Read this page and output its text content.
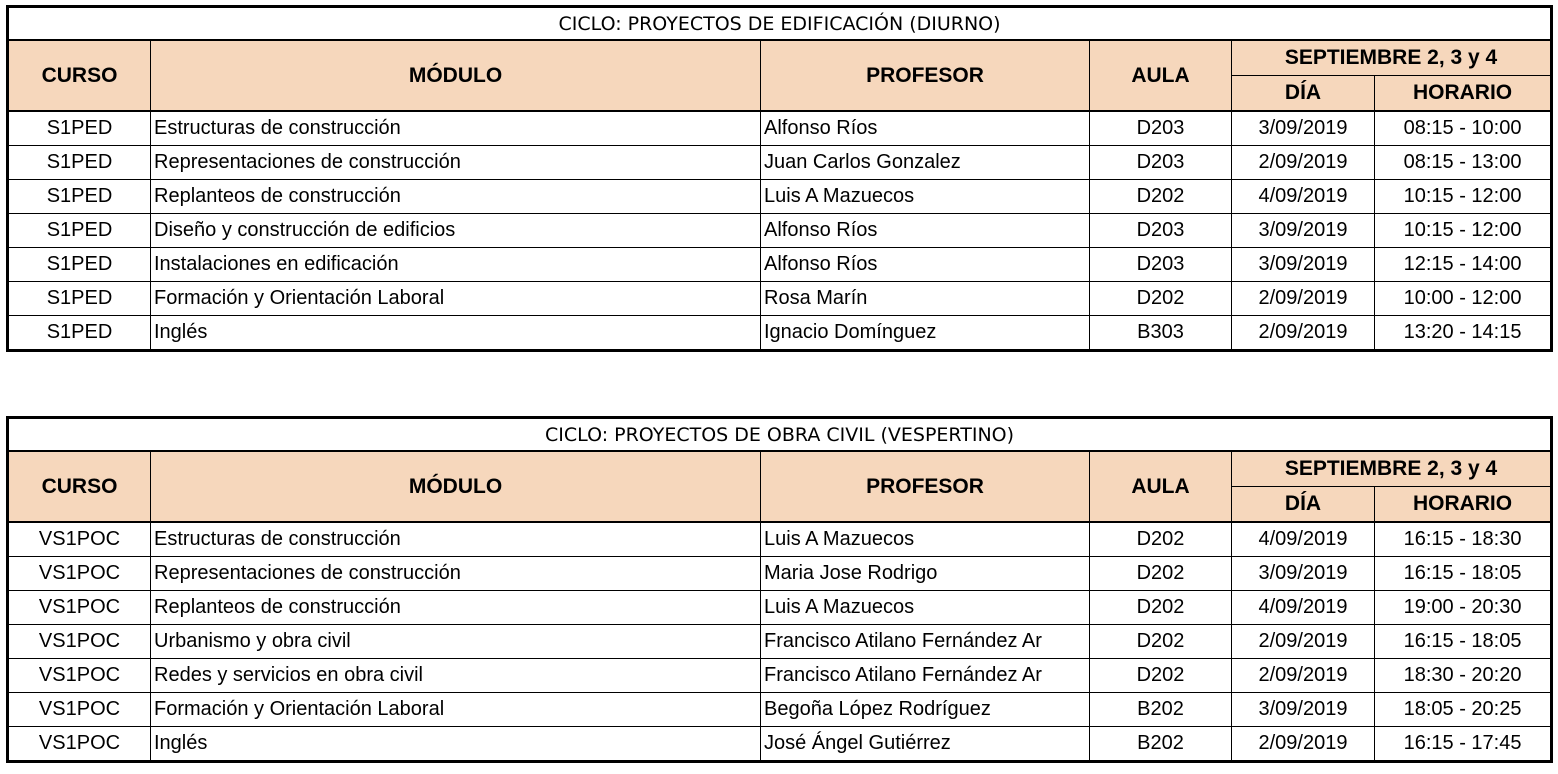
CICLO: PROYECTOS DE EDIFICACIÓN (DIURNO)					
CURSO	MÓDULO	PROFESOR	AULA	SEPTIEMBRE 2, 3 y 4	
				DÍA	HORARIO
S1PED	Estructuras de construcción	Alfonso Ríos	D203	3/09/2019	08:15 - 10:00
S1PED	Representaciones de construcción	Juan Carlos Gonzalez	D203	2/09/2019	08:15 - 13:00
S1PED	Replanteos de construcción	Luis A Mazuecos	D202	4/09/2019	10:15 - 12:00
S1PED	Diseño y construcción de edificios	Alfonso Ríos	D203	3/09/2019	10:15 - 12:00
S1PED	Instalaciones en edificación	Alfonso Ríos	D203	3/09/2019	12:15 - 14:00
S1PED	Formación y Orientación Laboral	Rosa Marín	D202	2/09/2019	10:00 - 12:00
S1PED	Inglés	Ignacio Domínguez	B303	2/09/2019	13:20 - 14:15
CICLO: PROYECTOS DE OBRA CIVIL (VESPERTINO)					
CURSO	MÓDULO	PROFESOR	AULA	SEPTIEMBRE 2, 3 y 4	
				DÍA	HORARIO
VS1POC	Estructuras de construcción	Luis A Mazuecos	D202	4/09/2019	16:15 - 18:30
VS1POC	Representaciones de construcción	Maria Jose Rodrigo	D202	3/09/2019	16:15 - 18:05
VS1POC	Replanteos de construcción	Luis A Mazuecos	D202	4/09/2019	19:00 - 20:30
VS1POC	Urbanismo y obra civil	Francisco Atilano Fernández Ar	D202	2/09/2019	16:15 - 18:05
VS1POC	Redes y servicios en obra civil	Francisco Atilano Fernández Ar	D202	2/09/2019	18:30 - 20:20
VS1POC	Formación y Orientación Laboral	Begoña López Rodríguez	B202	3/09/2019	18:05 - 20:25
VS1POC	Inglés	José Ángel Gutiérrez	B202	2/09/2019	16:15 - 17:45
